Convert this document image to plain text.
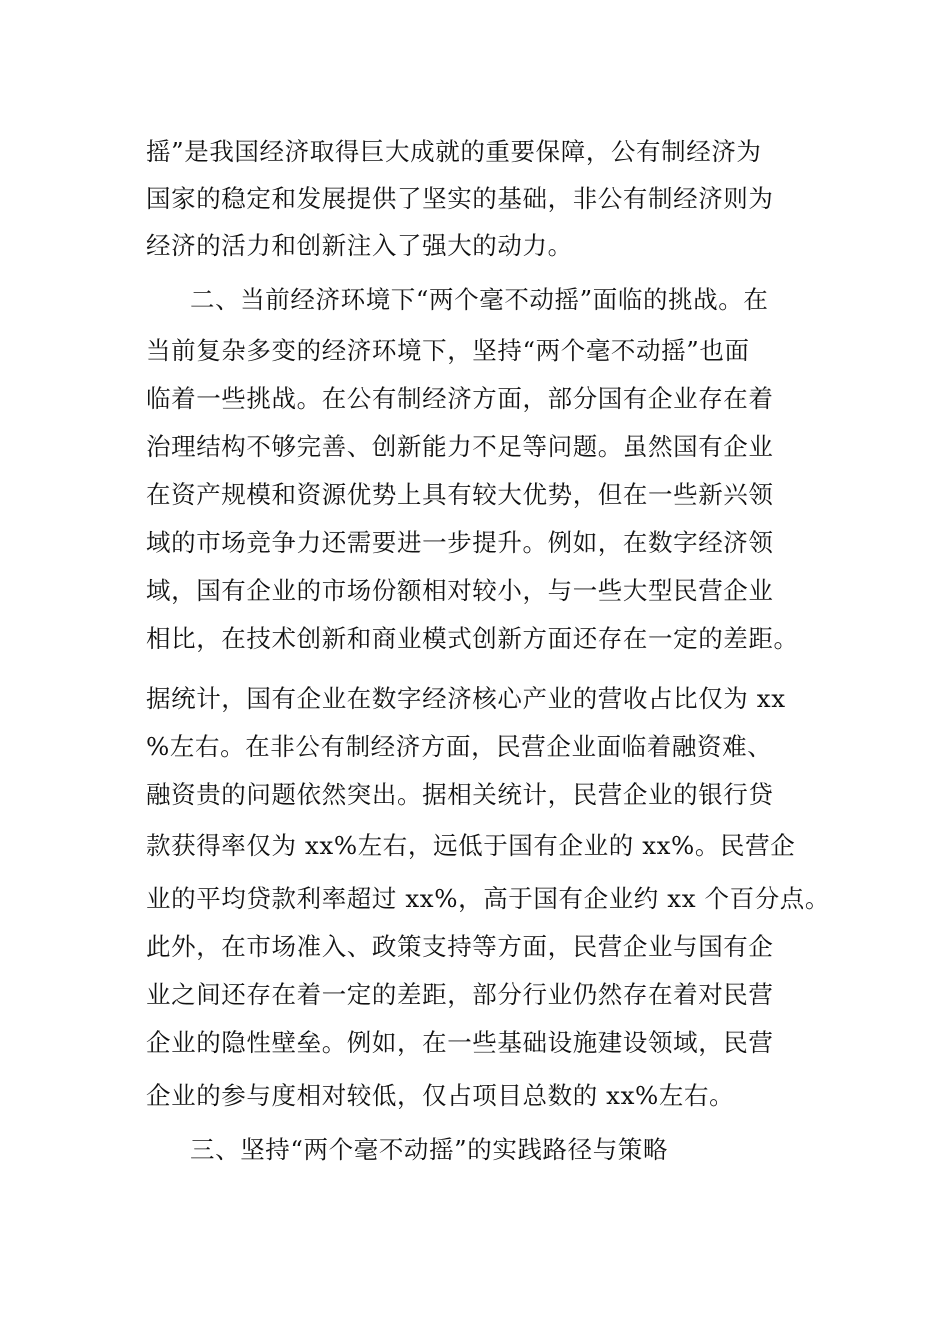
摇”是我国经济取得巨大成就的重要保障，公有制经济为
国家的稳定和发展提供了坚实的基础，非公有制经济则为
经济的活力和创新注入了强大的动力。
二、当前经济环境下“两个毫不动摇”面临的挑战。在
当前复杂多变的经济环境下，坚持“两个毫不动摇”也面
临着一些挑战。在公有制经济方面，部分国有企业存在着
治理结构不够完善、创新能力不足等问题。虽然国有企业
在资产规模和资源优势上具有较大优势，但在一些新兴领
域的市场竞争力还需要进一步提升。例如，在数字经济领
域，国有企业的市场份额相对较小，与一些大型民营企业
相比，在技术创新和商业模式创新方面还存在一定的差距。
据统计，国有企业在数字经济核心产业的营收占比仅为 xx
%左右。在非公有制经济方面，民营企业面临着融资难、
融资贵的问题依然突出。据相关统计，民营企业的银行贷
款获得率仅为 xx%左右，远低于国有企业的 xx%。民营企
业的平均贷款利率超过 xx%，高于国有企业约 xx 个百分点。
此外，在市场准入、政策支持等方面，民营企业与国有企
业之间还存在着一定的差距，部分行业仍然存在着对民营
企业的隐性壁垒。例如，在一些基础设施建设领域，民营
企业的参与度相对较低，仅占项目总数的 xx%左右。
三、坚持“两个毫不动摇”的实践路径与策略
